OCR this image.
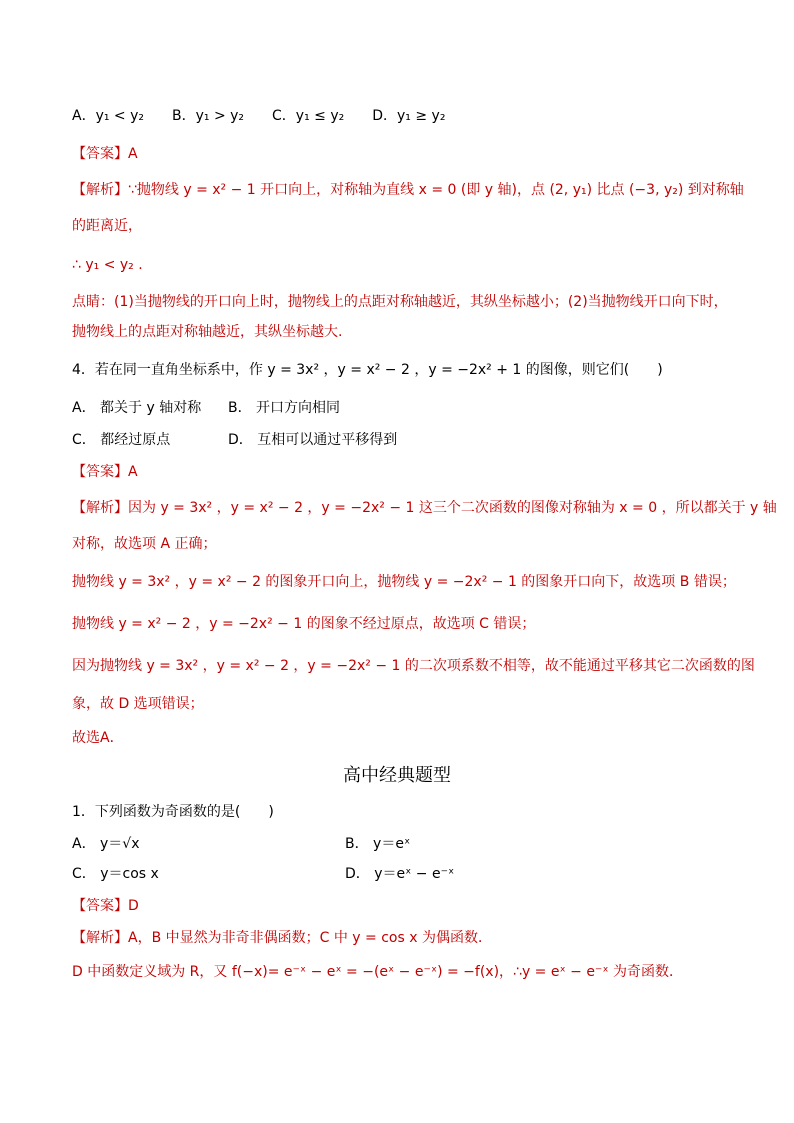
A．y₁ < y₂　　B．y₁ > y₂　　C．y₁ ≤ y₂　　D．y₁ ≥ y₂
【答案】A
【解析】∵抛物线 y = x² − 1 开口向上，对称轴为直线 x = 0 (即 y 轴)，点 (2, y₁) 比点 (−3, y₂) 到对称轴
的距离近，
∴ y₁ < y₂ .
点睛：(1)当抛物线的开口向上时，抛物线上的点距对称轴越近，其纵坐标越小；(2)当抛物线开口向下时，
抛物线上的点距对称轴越近，其纵坐标越大.
4．若在同一直角坐标系中，作 y = 3x² ，y = x² − 2 ，y = −2x² + 1 的图像，则它们(　　)
A． 都关于 y 轴对称 B． 开口方向相同
C． 都经过原点	D． 互相可以通过平移得到
【答案】A
【解析】因为 y = 3x² ，y = x² − 2 ，y = −2x² − 1 这三个二次函数的图像对称轴为 x = 0 ，所以都关于 y 轴
对称，故选项 A 正确；
抛物线 y = 3x² ，y = x² − 2 的图象开口向上，抛物线 y = −2x² − 1 的图象开口向下，故选项 B 错误；
抛物线 y = x² − 2 ，y = −2x² − 1 的图象不经过原点，故选项 C 错误；
因为抛物线 y = 3x² ，y = x² − 2 ，y = −2x² − 1 的二次项系数不相等，故不能通过平移其它二次函数的图
象，故 D 选项错误；
故选A．
高中经典题型
1．下列函数为奇函数的是(　　)
A． y＝√x	B． y＝eˣ
C． y＝cos x	D． y＝eˣ − e⁻ˣ
【答案】D
【解析】A，B 中显然为非奇非偶函数；C 中 y = cos x 为偶函数．
D 中函数定义域为 R，又 f(−x)= e⁻ˣ − eˣ = −(eˣ − e⁻ˣ) = −f(x)，∴y = eˣ − e⁻ˣ 为奇函数．
